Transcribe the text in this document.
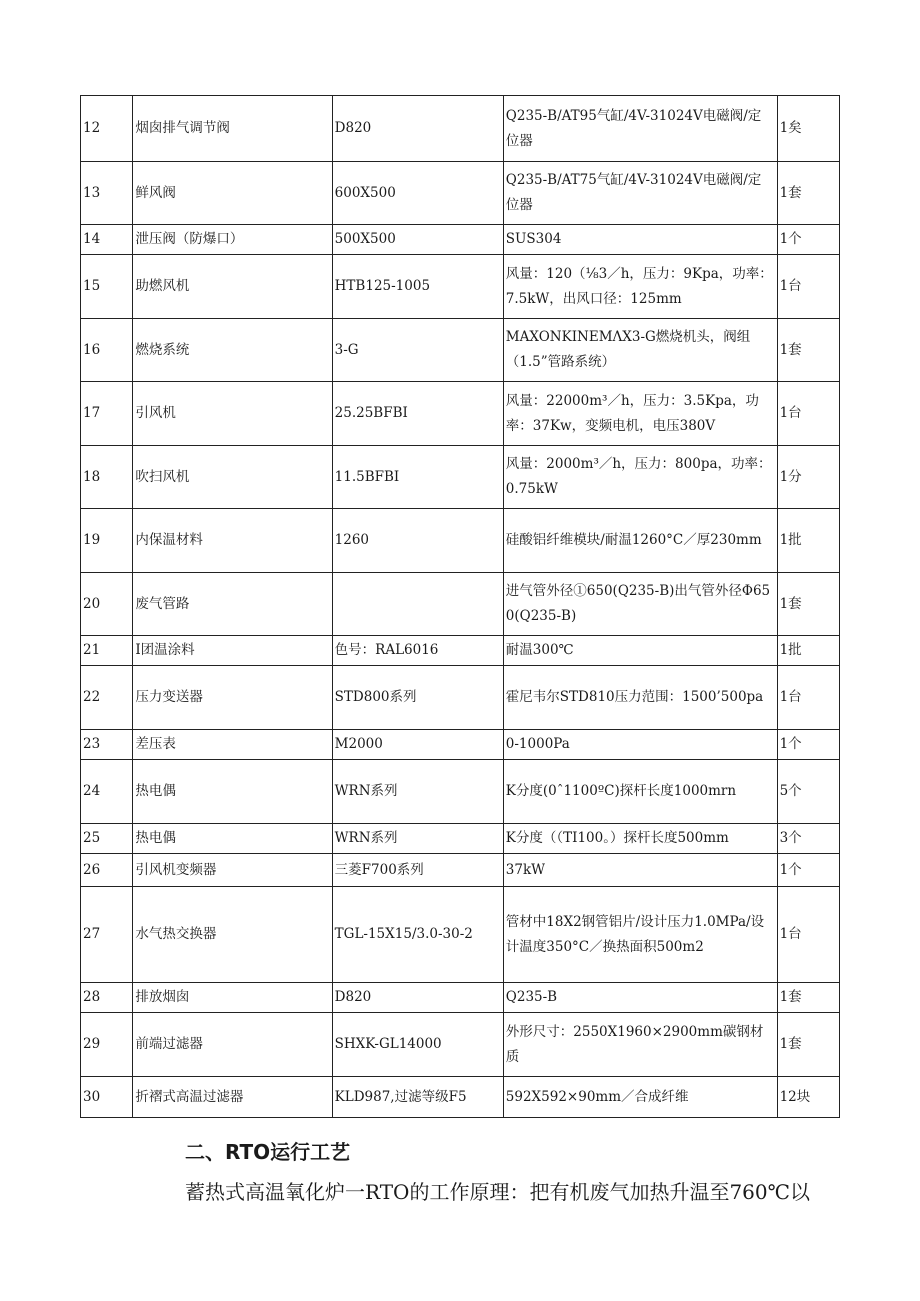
12	烟囱排气调节阀	D820	Q235-B/AT95气缸/4V-31024V电磁阀/定位器	1矣
13	鲜风阀	600X500	Q235-B/AT75气缸/4V-31024V电磁阀/定位器	1套
14	泄压阀（防爆口）	500X500	SUS304	1个
15	助燃风机	HTB125-1005	风量：120（⅛3／h，压力：9Kpa，功率：7.5kW，出风口径：125mm	1台
16	燃烧系统	3-G	MAXONKINEMΛX3-G燃烧机头，阀组（1.5”管路系统）	1套
17	引风机	25.25BFBI	风量：22000m³／h，压力：3.5Kpa，功率：37Kw，变频电机，电压380V	1台
18	吹扫风机	11.5BFBI	风量：2000m³／h，压力：800pa，功率：0.75kW	1分
19	内保温材料	1260	硅酸铝纤维模块/耐温1260°C／厚230mm	1批
20	废气管路		进气管外径①650(Q235-B)出气管外径Φ650(Q235-B)	1套
21	I团温涂料	色号：RAL6016	耐温300℃	1批
22	压力变送器	STD800系列	霍尼韦尔STD810压力范围：1500’500pa	1台
23	差压表	M2000	0-1000Pa	1个
24	热电偶	WRN系列	K分度(0ˆ1100ºC)探杆长度1000mrn	5个
25	热电偶	WRN系列	K分度（（TI100。）探杆长度500mm	3个
26	引风机变频器	三菱F700系列	37kW	1个
27	水气热交换器	TGL-15X15/3.0-30-2	管材中18X2钢管铝片/设计压力1.0MPa/设计温度350°C／换热面积500m2	1台
28	排放烟囱	D820	Q235-B	1套
29	前端过滤器	SHXK-GL14000	外形尺寸：2550X1960×2900mm碳钢材质	1套
30	折褶式高温过滤器	KLD987,过滤等级F5	592X592×90mm／合成纤维	12块
二、RTO运行工艺

蓄热式高温氧化炉一RTO的工作原理：把有机废气加热升温至760℃以
